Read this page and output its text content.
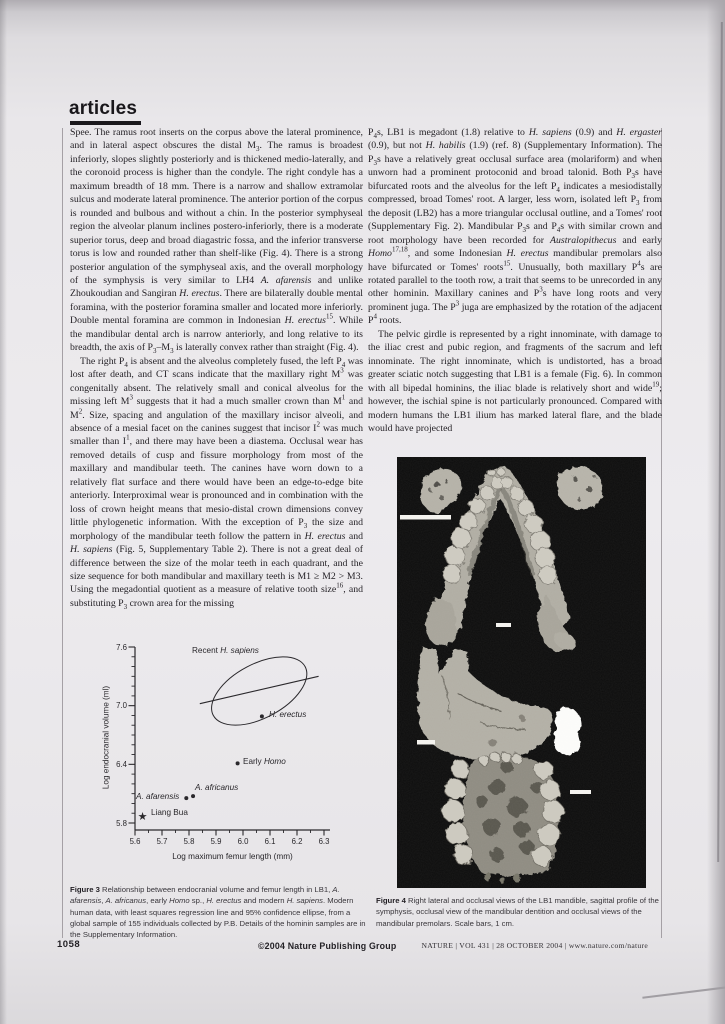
articles

Spee. The ramus root inserts on the corpus above the lateral prominence, and in lateral aspect obscures the distal $M_3$. The ramus is broadest inferiorly, slopes slightly posteriorly and is thickened medio-laterally, and the coronoid process is higher than the condyle. The right condyle has a maximum breadth of 18 mm. There is a narrow and shallow extramolar sulcus and moderate lateral prominence. The anterior portion of the corpus is rounded and bulbous and without a chin. In the posterior symphyseal region the alveolar planum inclines postero-inferiorly, there is a moderate superior torus, deep and broad diagastric fossa, and the inferior transverse torus is low and rounded rather than shelf-like (Fig. 4). There is a strong posterior angulation of the symphyseal axis, and the overall morphology of the symphysis is very similar to LH4 A. afarensis and unlike Zhoukoudian and Sangiran H. erectus. There are bilaterally double mental foramina, with the posterior foramina smaller and located more inferiorly. Double mental foramina are common in Indonesian H. erectus$^{15}$. While the mandibular dental arch is narrow anteriorly, and long relative to its breadth, the axis of $P_3-M_3$ is laterally convex rather than straight (Fig. 4).

The right $P_4$ is absent and the alveolus completely fused, the left $P_4$ was lost after death, and CT scans indicate that the maxillary right $M^3$ was congenitally absent. The relatively small and conical alveolus for the missing left $M^3$ suggests that it had a much smaller crown than $M^1$ and $M^2$. Size, spacing and angulation of the maxillary incisor alveoli, and absence of a mesial facet on the canines suggest that incisor $I^2$ was much smaller than $I^1$, and there may have been a diastema. Occlusal wear has removed details of cusp and fissure morphology from most of the maxillary and mandibular teeth. The canines have worn down to a relatively flat surface and there would have been an edge-to-edge bite anteriorly. Interproximal wear is pronounced and in combination with the loss of crown height means that mesio-distal crown dimensions convey little phylogenetic information. With the exception of $P_3$ the size and morphology of the mandibular teeth follow the pattern in H. erectus and H. sapiens (Fig. 5, Supplementary Table 2). There is not a great deal of difference between the size of the molar teeth in each quadrant, and the size sequence for both mandibular and maxillary teeth is M1 ≥ M2 > M3. Using the megadontial quotient as a measure of relative tooth size$^{16}$, and substituting $P_3$ crown area for the missing

$P_4s$, LB1 is megadont (1.8) relative to H. sapiens (0.9) and H. ergaster (0.9), but not H. habilis (1.9) (ref. 8) (Supplementary Information). The $P_3s$ have a relatively great occlusal surface area (molariform) and when unworn had a prominent protoconid and broad talonid. Both $P_3s$ have bifurcated roots and the alveolus for the left $P_4$ indicates a mesiodistally compressed, broad Tomes' root. A larger, less worn, isolated left $P_3$ from the deposit (LB2) has a more triangular occlusal outline, and a Tomes' root (Supplementary Fig. 2). Mandibular $P_3s$ and $P_4s$ with similar crown and root morphology have been recorded for Australopithecus and early Homo$^{17,18}$, and some Indonesian H. erectus mandibular premolars also have bifurcated or Tomes' roots$^{15}$. Unusually, both maxillary $P^4s$ are rotated parallel to the tooth row, a trait that seems to be unrecorded in any other hominin. Maxillary canines and $P^3s$ have long roots and very prominent juga. The $P^3$ juga are emphasized by the rotation of the adjacent $P^4$ roots.

The pelvic girdle is represented by a right innominate, with damage to the iliac crest and pubic region, and fragments of the sacrum and left innominate. The right innominate, which is undistorted, has a broad greater sciatic notch suggesting that LB1 is a female (Fig. 6). In common with all bipedal hominins, the iliac blade is relatively short and wide$^{19}$; however, the ischial spine is not particularly pronounced. Compared with modern humans the LB1 ilium has marked lateral flare, and the blade would have projected

★
5.8
6.4
7.0
7.6
5.6	5.7	5.8	5.9	6.0	6.1	6.2	6.3
Recent H. sapiens
Liang Bua
A. afarensis
A. africanus
Early Homo
H. erectus
Log endocranial volume (ml)
Log maximum femur length (mm)
Figure 3 Relationship between endocranial volume and femur length in LB1, A. afarensis, A. africanus, early Homo sp., H. erectus and modern H. sapiens. Modern human data, with least squares regression line and 95% confidence ellipse, from a global sample of 155 individuals collected by P.B. Details of the hominin samples are in the Supplementary Information.
Figure 4 Right lateral and occlusal views of the LB1 mandible, sagittal profile of the symphysis, occlusal view of the mandibular dentition and occlusal views of the mandibular premolars. Scale bars, 1 cm.
1058	©2004 Nature Publishing Group	NATURE | VOL 431 | 28 OCTOBER 2004 | www.nature.com/nature
